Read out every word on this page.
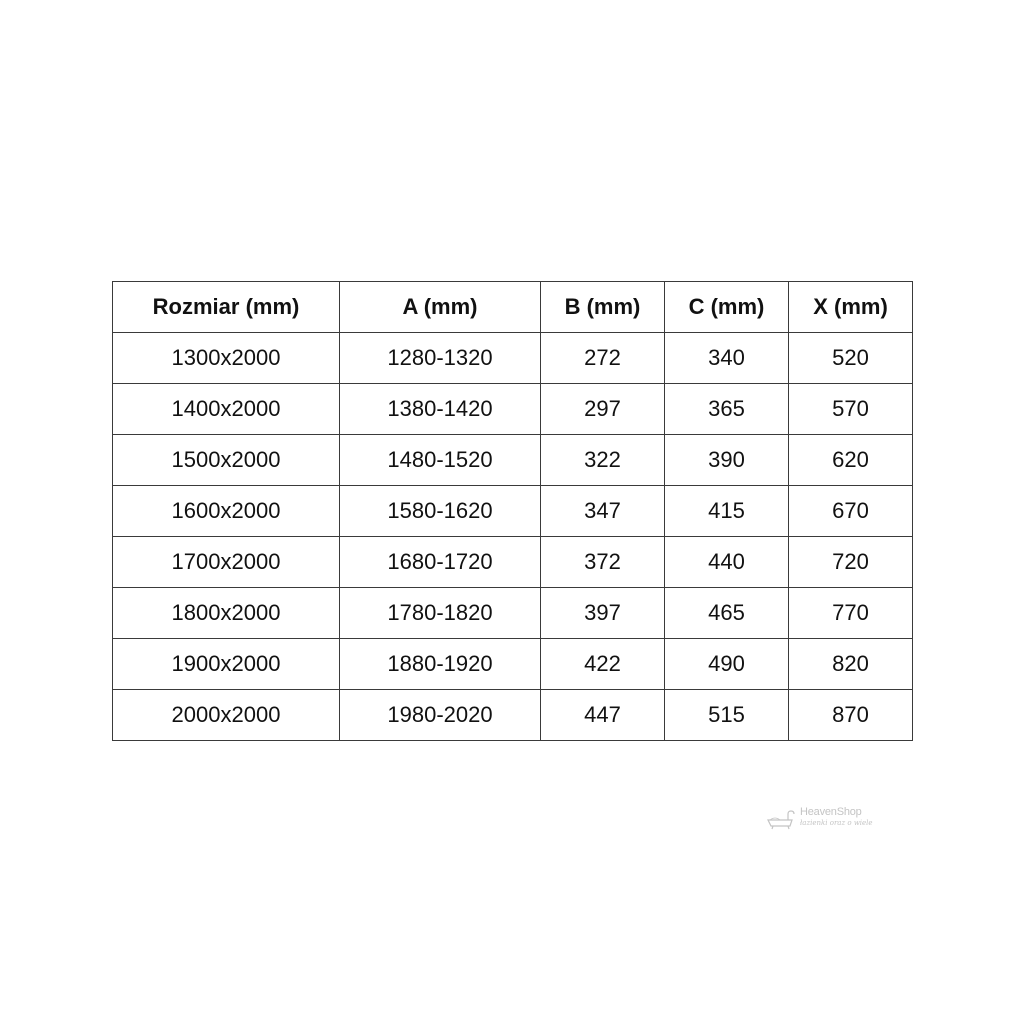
Rozmiar (mm)	A (mm)	B (mm)	C (mm)	X (mm)
1300x2000	1280-1320	272	340	520
1400x2000	1380-1420	297	365	570
1500x2000	1480-1520	322	390	620
1600x2000	1580-1620	347	415	670
1700x2000	1680-1720	372	440	720
1800x2000	1780-1820	397	465	770
1900x2000	1880-1920	422	490	820
2000x2000	1980-2020	447	515	870
HeavenShop
łazienki oraz o wiele
